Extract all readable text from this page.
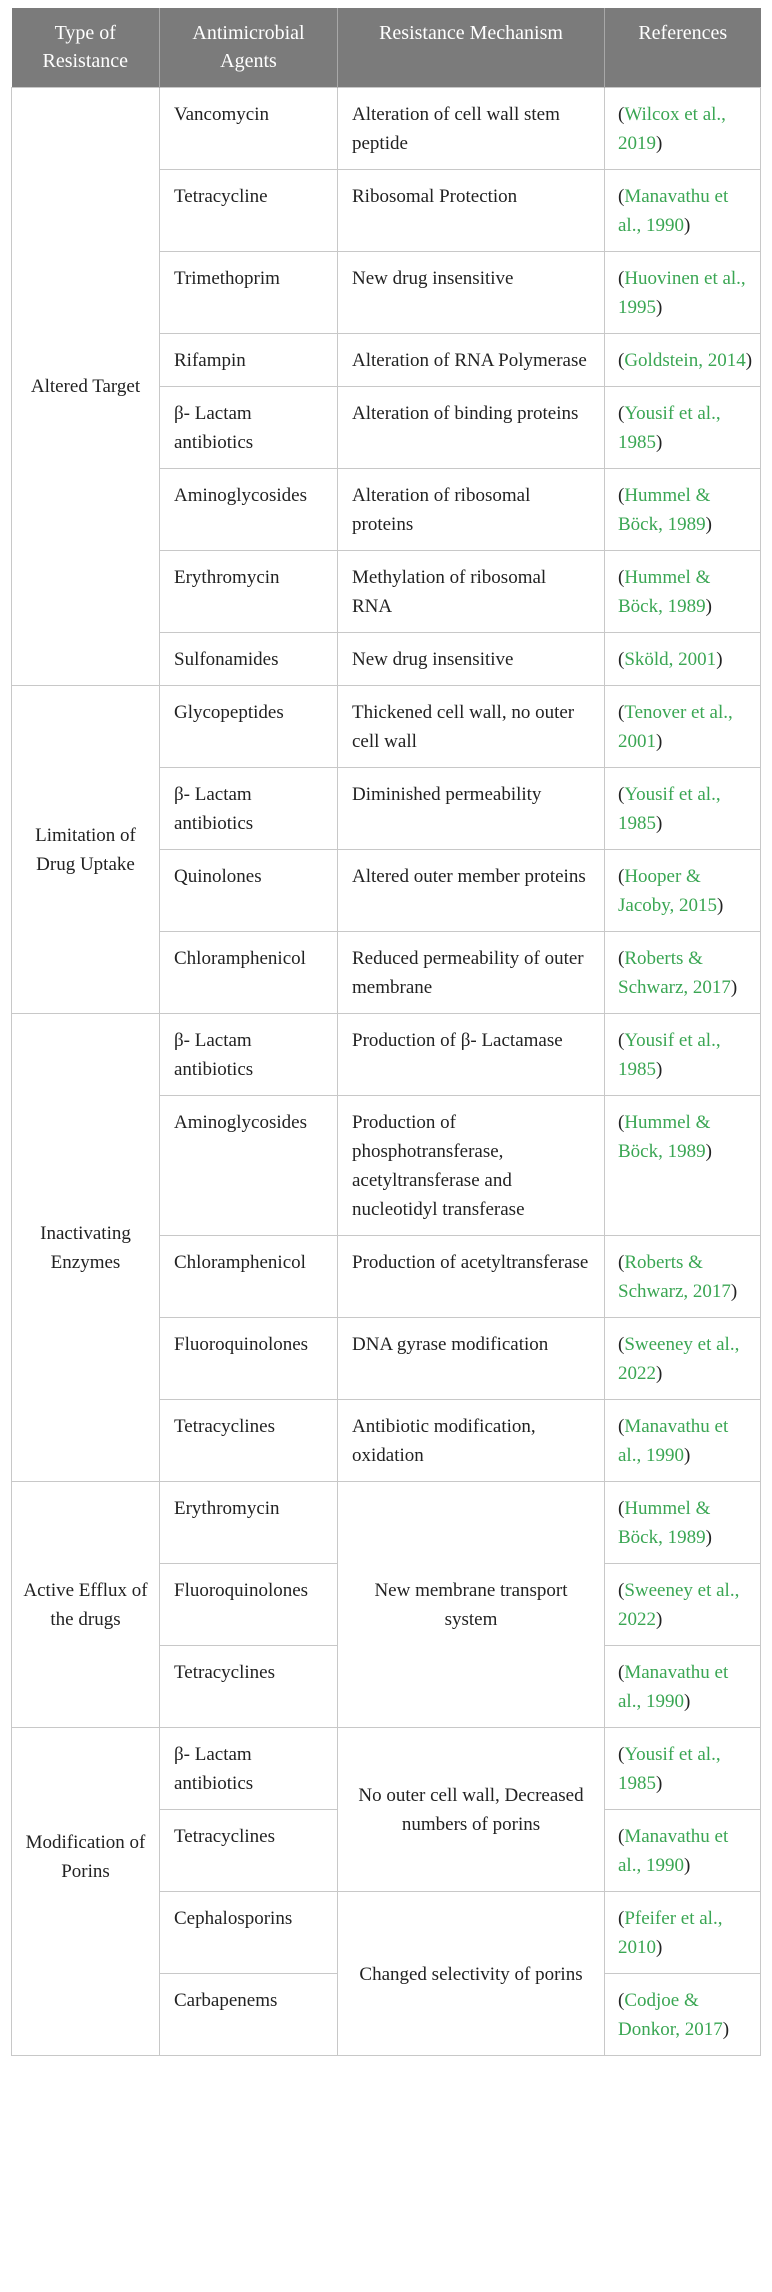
Type of Resistance	Antimicrobial Agents	Resistance Mechanism	References
Altered Target	Vancomycin	Alteration of cell wall stem peptide	(Wilcox et al., 2019)
	Tetracycline	Ribosomal Protection	(Manavathu et al., 1990)
	Trimethoprim	New drug insensitive	(Huovinen et al., 1995)
	Rifampin	Alteration of RNA Polymerase	(Goldstein, 2014)
	β- Lactam antibiotics	Alteration of binding proteins	(Yousif et al., 1985)
	Aminoglycosides	Alteration of ribosomal proteins	(Hummel & Böck, 1989)
	Erythromycin	Methylation of ribosomal RNA	(Hummel & Böck, 1989)
	Sulfonamides	New drug insensitive	(Sköld, 2001)
Limitation of Drug Uptake	Glycopeptides	Thickened cell wall, no outer cell wall	(Tenover et al., 2001)
	β- Lactam antibiotics	Diminished permeability	(Yousif et al., 1985)
	Quinolones	Altered outer member proteins	(Hooper & Jacoby, 2015)
	Chloramphenicol	Reduced permeability of outer membrane	(Roberts & Schwarz, 2017)
Inactivating Enzymes	β- Lactam antibiotics	Production of β- Lactamase	(Yousif et al., 1985)
	Aminoglycosides	Production of phosphotransferase, acetyltransferase and nucleotidyl transferase	(Hummel & Böck, 1989)
	Chloramphenicol	Production of acetyltransferase	(Roberts & Schwarz, 2017)
	Fluoroquinolones	DNA gyrase modification	(Sweeney et al., 2022)
	Tetracyclines	Antibiotic modification, oxidation	(Manavathu et al., 1990)
Active Efflux of the drugs	Erythromycin	New membrane transport system	(Hummel & Böck, 1989)
	Fluoroquinolones		(Sweeney et al., 2022)
	Tetracyclines		(Manavathu et al., 1990)
Modification of Porins	β- Lactam antibiotics	No outer cell wall, Decreased numbers of porins	(Yousif et al., 1985)
	Tetracyclines		(Manavathu et al., 1990)
	Cephalosporins	Changed selectivity of porins	(Pfeifer et al., 2010)
	Carbapenems		(Codjoe & Donkor, 2017)
